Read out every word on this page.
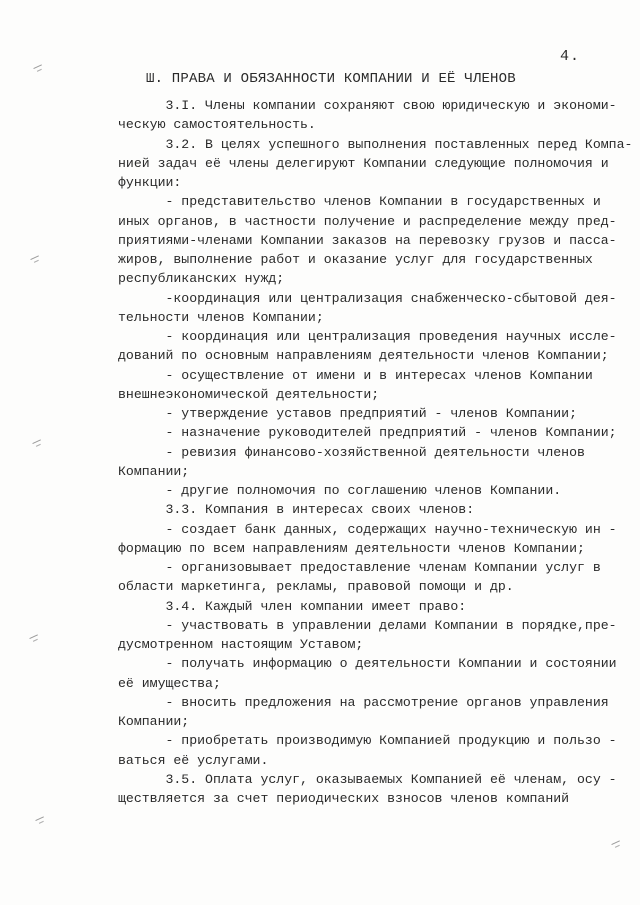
4.
Ш. ПРАВА И ОБЯЗАННОСТИ КОМПАНИИ И ЕЁ ЧЛЕНОВ
3.I. Члены компании сохраняют свою юридическую и экономи-
ческую самостоятельность.
3.2. В целях успешного выполнения поставленных перед Компа-
нией задач её члены делегируют Компании следующие полномочия и
функции:
- представительство членов Компании в государственных и
иных органов, в частности получение и распределение между пред-
приятиями-членами Компании заказов на перевозку грузов и пасса-
жиров, выполнение работ и оказание услуг для государственных
республиканских нужд;
-координация или централизация снабженческо-сбытовой дея-
тельности членов Компании;
- координация или централизация проведения научных иссле-
дований по основным направлениям деятельности членов Компании;
- осуществление от имени и в интересах членов Компании
внешнеэкономической деятельности;
- утверждение уставов предприятий - членов Компании;
- назначение руководителей предприятий - членов Компании;
- ревизия финансово-хозяйственной деятельности членов
Компании;
- другие полномочия по соглашению членов Компании.
3.3. Компания в интересах своих членов:
- создает банк данных, содержащих научно-техническую ин -
формацию по всем направлениям деятельности членов Компании;
- организовывает предоставление членам Компании услуг в
области маркетинга, рекламы, правовой помощи и др.
3.4. Каждый член компании имеет право:
- участвовать в управлении делами Компании в порядке,пре-
дусмотренном настоящим Уставом;
- получать информацию о деятельности Компании и состоянии
её имущества;
- вносить предложения на рассмотрение органов управления
Компании;
- приобретать производимую Компанией продукцию и пользо -
ваться её услугами.
3.5. Оплата услуг, оказываемых Компанией её членам, осу -
ществляется за счет периодических взносов членов компаний
